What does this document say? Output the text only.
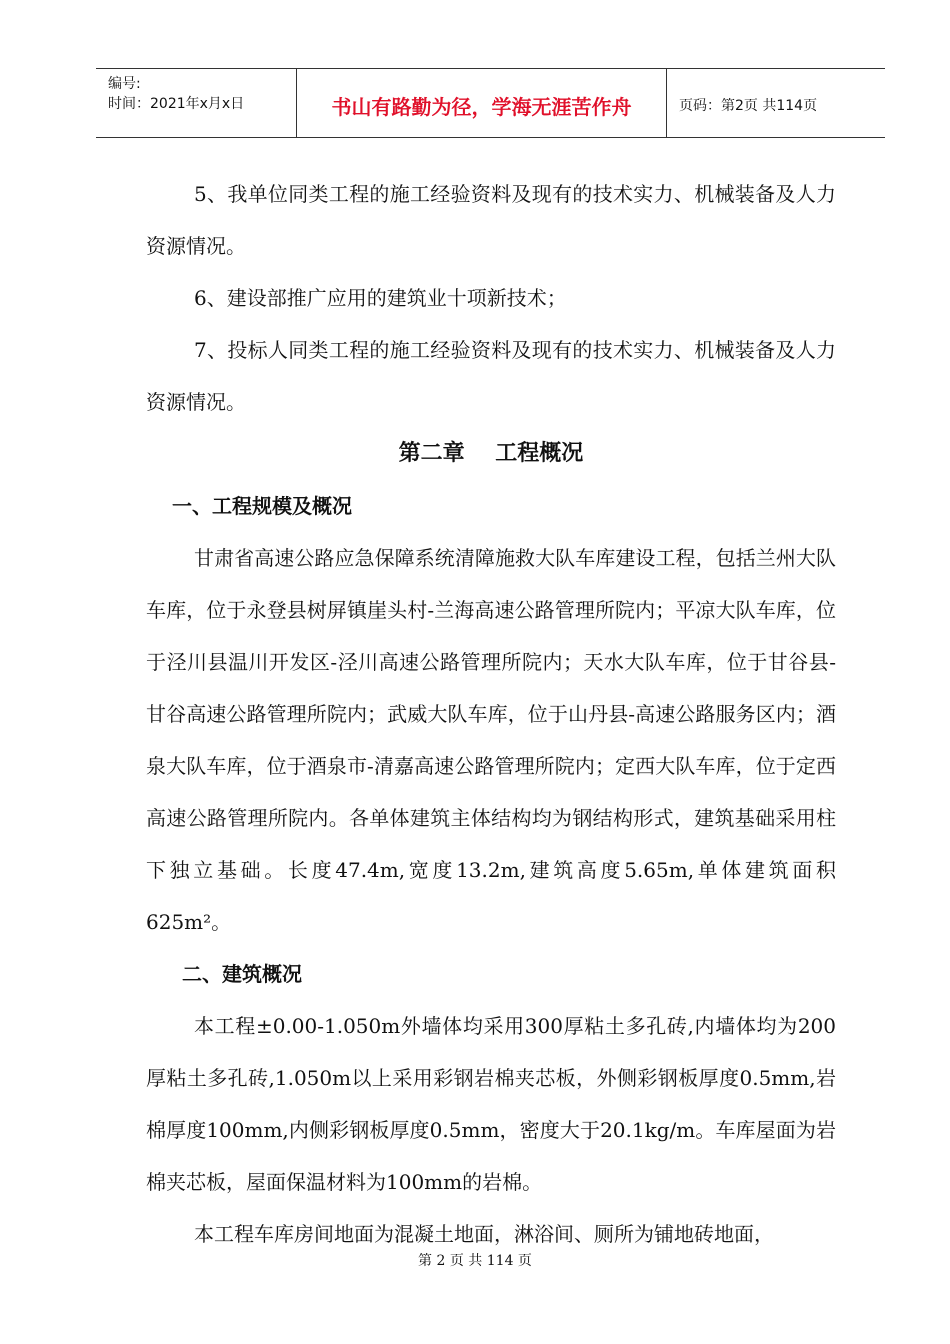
编号:
时间：2021年x月x日	书山有路勤为径，学海无涯苦作舟	页码：第2页 共114页

5、我单位同类工程的施工经验资料及现有的技术实力、机械装备及人力资源情况。

6、建设部推广应用的建筑业十项新技术；

7、投标人同类工程的施工经验资料及现有的技术实力、机械装备及人力资源情况。

第二章    工程概况
一、工程规模及概况

甘肃省高速公路应急保障系统清障施救大队车库建设工程，包括兰州大队车库，位于永登县树屏镇崖头村-兰海高速公路管理所院内；平凉大队车库，位于泾川县温川开发区-泾川高速公路管理所院内；天水大队车库，位于甘谷县-甘谷高速公路管理所院内；武威大队车库，位于山丹县-高速公路服务区内；酒泉大队车库，位于酒泉市-清嘉高速公路管理所院内；定西大队车库，位于定西高速公路管理所院内。各单体建筑主体结构均为钢结构形式，建筑基础采用柱下独立基础。长度47.4m,宽度13.2m,建筑高度5.65m,单体建筑面积625m²。

二、建筑概况

本工程±0.00-1.050m外墙体均采用300厚粘土多孔砖,内墙体均为200厚粘土多孔砖,1.050m以上采用彩钢岩棉夹芯板，外侧彩钢板厚度0.5mm,岩棉厚度100mm,内侧彩钢板厚度0.5mm，密度大于20.1kg/m。车库屋面为岩棉夹芯板，屋面保温材料为100mm的岩棉。

本工程车库房间地面为混凝土地面，淋浴间、厕所为铺地砖地面，

第 2 页 共 114 页
